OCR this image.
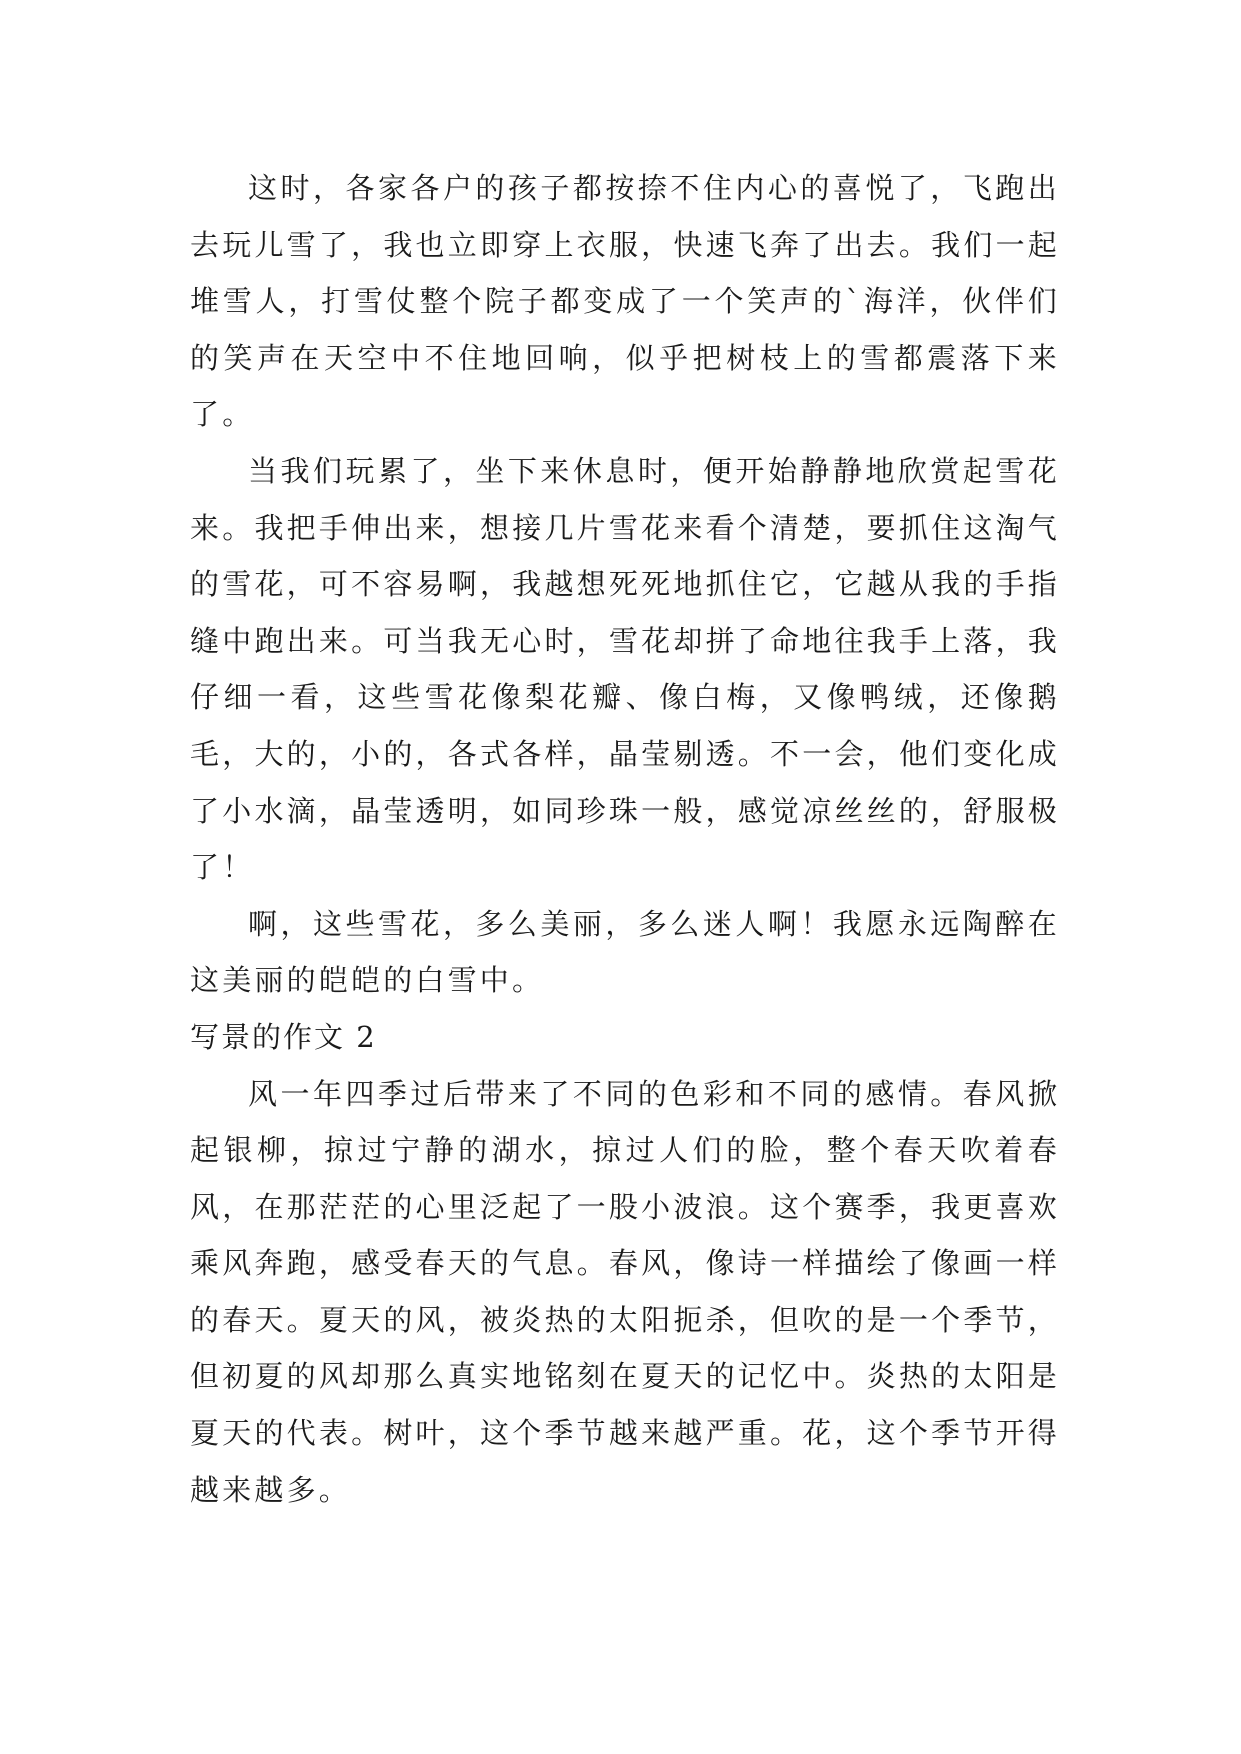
这时，各家各户的孩子都按捺不住内心的喜悦了，飞跑出去玩儿雪了，我也立即穿上衣服，快速飞奔了出去。我们一起堆雪人，打雪仗整个院子都变成了一个笑声的`海洋，伙伴们的笑声在天空中不住地回响，似乎把树枝上的雪都震落下来了。

当我们玩累了，坐下来休息时，便开始静静地欣赏起雪花来。我把手伸出来，想接几片雪花来看个清楚，要抓住这淘气的雪花，可不容易啊，我越想死死地抓住它，它越从我的手指缝中跑出来。可当我无心时，雪花却拼了命地往我手上落，我仔细一看，这些雪花像梨花瓣、像白梅，又像鸭绒，还像鹅毛，大的，小的，各式各样，晶莹剔透。不一会，他们变化成了小水滴，晶莹透明，如同珍珠一般，感觉凉丝丝的，舒服极了！

啊，这些雪花，多么美丽，多么迷人啊！我愿永远陶醉在这美丽的皑皑的白雪中。

写景的作文 2

风一年四季过后带来了不同的色彩和不同的感情。春风掀起银柳，掠过宁静的湖水，掠过人们的脸，整个春天吹着春风，在那茫茫的心里泛起了一股小波浪。这个赛季，我更喜欢乘风奔跑，感受春天的气息。春风，像诗一样描绘了像画一样的春天。夏天的风，被炎热的太阳扼杀，但吹的是一个季节，但初夏的风却那么真实地铭刻在夏天的记忆中。炎热的太阳是夏天的代表。树叶，这个季节越来越严重。花，这个季节开得越来越多。
